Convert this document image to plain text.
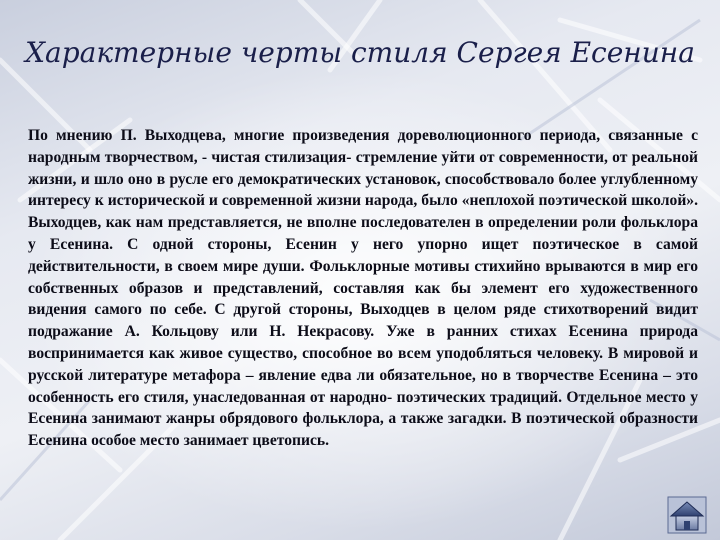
Характерные черты стиля Сергея Есенина

По мнению П. Выходцева, многие произведения дореволюционного периода, связанные с народным творчеством, - чистая стилизация- стремление уйти от современности, от реальной жизни, и шло оно в русле его демократических установок, способствовало более углубленному интересу к исторической и современной жизни народа, было «неплохой поэтической школой». Выходцев, как нам представляется, не вполне последователен в определении роли фольклора у Есенина. С одной стороны, Есенин у него упорно ищет поэтическое в самой действительности, в своем мире души. Фольклорные мотивы стихийно врываются в мир его собственных образов и представлений, составляя как бы элемент его художественного видения самого по себе. С другой стороны, Выходцев в целом ряде стихотворений видит подражание А. Кольцову или Н. Некрасову. Уже в ранних стихах Есенина природа воспринимается как живое существо, способное во всем уподобляться человеку. В мировой и русской литературе метафора – явление едва ли обязательное, но в творчестве Есенина – это особенность его стиля, унаследованная от народно- поэтических традиций. Отдельное место у Есенина занимают жанры обрядового фольклора, а также загадки. В поэтической образности Есенина особое место занимает цветопись.
